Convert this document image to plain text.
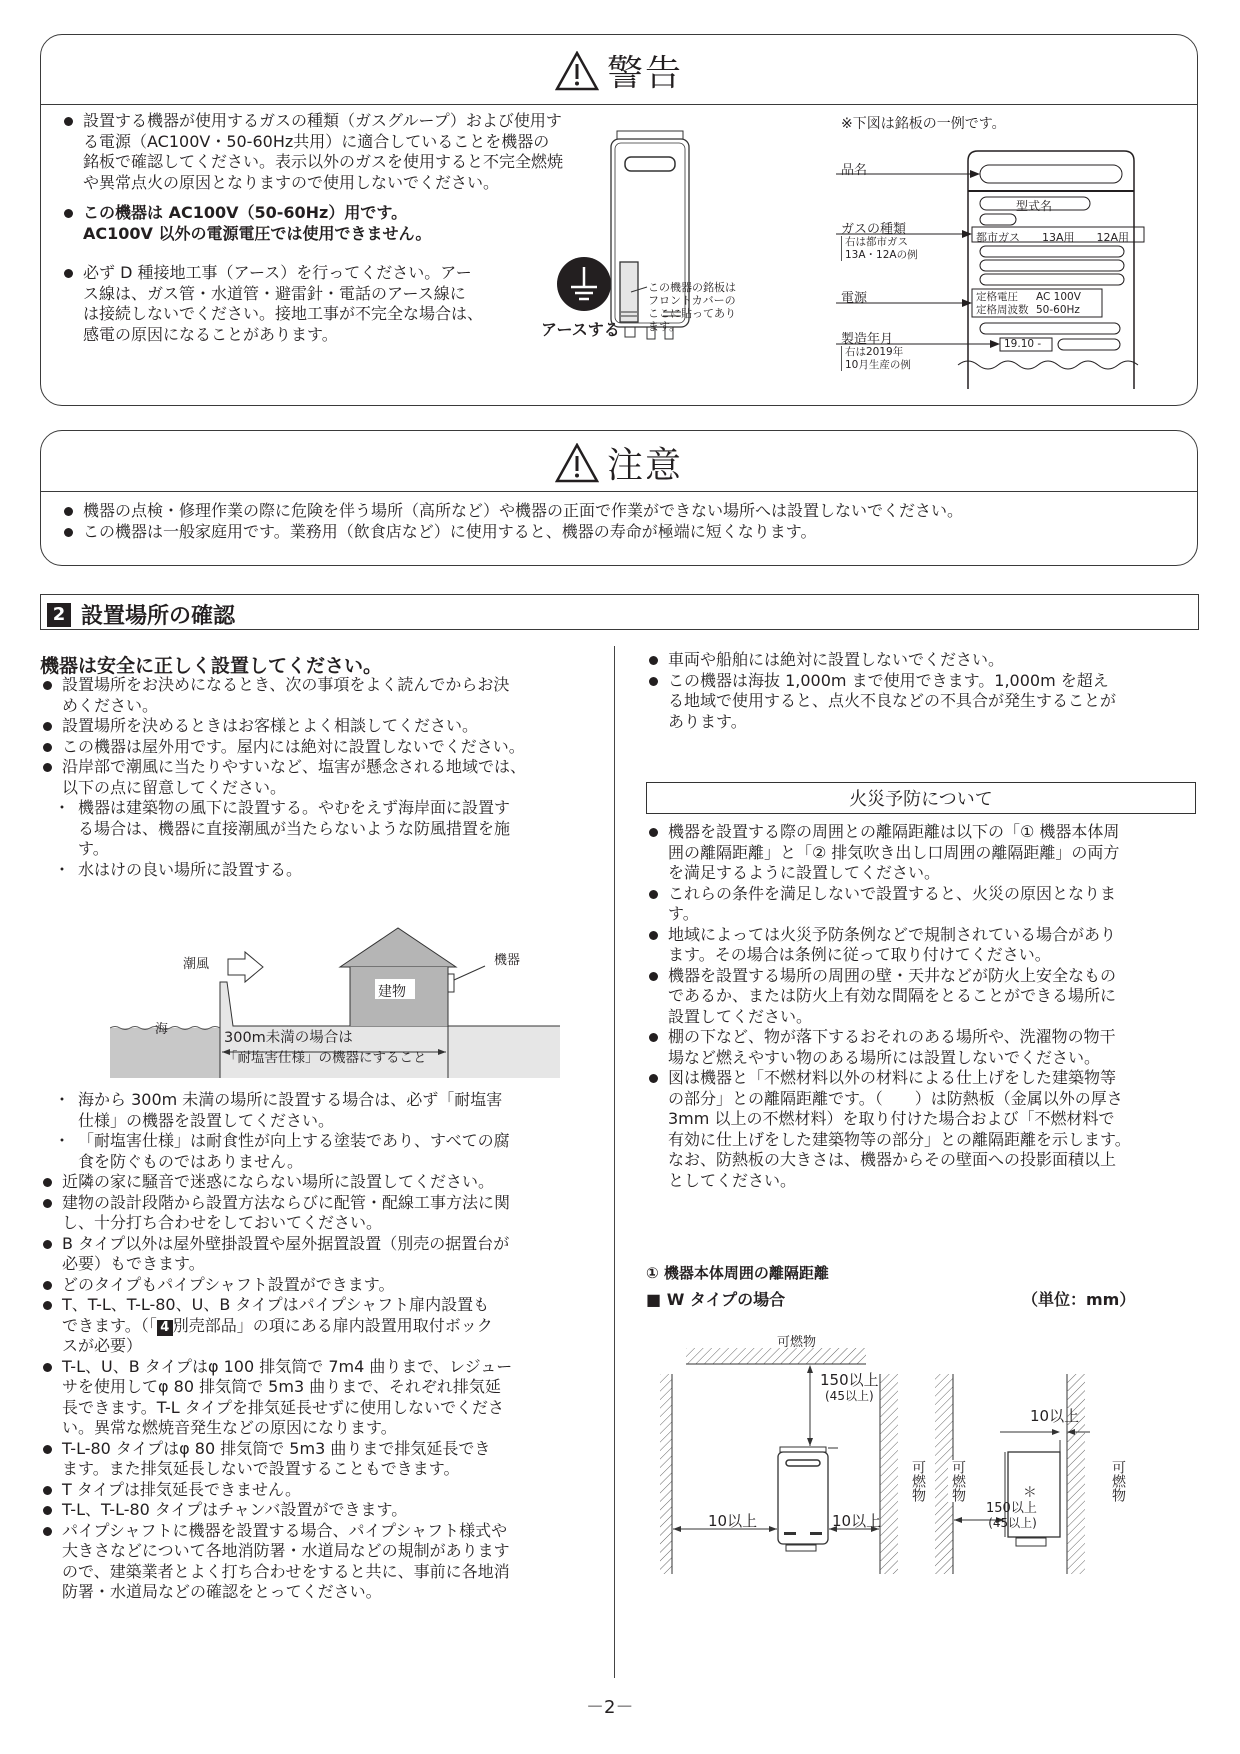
警告
設置する機器が使用するガスの種類（ガスグループ）および使用す
る電源（AC100V・50-60Hz共用）に適合していることを機器の
銘板で確認してください。表示以外のガスを使用すると不完全燃焼
や異常点火の原因となりますので使用しないでください。
この機器は AC100V（50-60Hz）用です。
AC100V 以外の電源電圧では使用できません。
必ず D 種接地工事（アース）を行ってください。アー
ス線は、ガス管・水道管・避雷針・電話のアース線に
は接続しないでください。接地工事が不完全な場合は、
感電の原因になることがあります。	アースする
この機器の銘板は
フロントカバーの
ここに貼ってあり
ます。
※下図は銘板の一例です。
品名
型式名
ガスの種類
右は都市ガス
13A・12Aの例
都市ガス 13A用 12A用
電源	定格電圧 AC 100V
定格周波数 50-60Hz
製造年月
右は2019年
10月生産の例
19.10 -
注意
機器の点検・修理作業の際に危険を伴う場所（高所など）や機器の正面で作業ができない場所へは設置しないでください。
この機器は一般家庭用です。業務用（飲食店など）に使用すると、機器の寿命が極端に短くなります。
2 設置場所の確認
機器は安全に正しく設置してください。
設置場所をお決めになるとき、次の事項をよく読んでからお決
めください。
設置場所を決めるときはお客様とよく相談してください。
この機器は屋外用です。屋内には絶対に設置しないでください。
沿岸部で潮風に当たりやすいなど、塩害が懸念される地域では、
以下の点に留意してください。
・ 機器は建築物の風下に設置する。やむをえず海岸面に設置す
る場合は、機器に直接潮風が当たらないような防風措置を施
す。
・ 水はけの良い場所に設置する。
潮風
海
建物
機器
300m未満の場合は
「耐塩害仕様」の機器にすること
・ 海から 300m 未満の場所に設置する場合は、必ず「耐塩害
仕様」の機器を設置してください。
・ 「耐塩害仕様」は耐食性が向上する塗装であり、すべての腐
食を防ぐものではありません。
近隣の家に騒音で迷惑にならない場所に設置してください。
建物の設計段階から設置方法ならびに配管・配線工事方法に関
し、十分打ち合わせをしておいてください。
B タイプ以外は屋外壁掛設置や屋外据置設置（別売の据置台が
必要）もできます。
どのタイプもパイプシャフト設置ができます。
T、T-L、T-L-80、U、B タイプはパイプシャフト扉内設置も
できます。（「 4 別売部品」の項にある扉内設置用取付ボック
スが必要）
T-L、U、B タイプはφ 100 排気筒で 7m4 曲りまで、レジュー
サを使用してφ 80 排気筒で 5m3 曲りまで、それぞれ排気延
長できます。T-L タイプを排気延長せずに使用しないでくださ
い。異常な燃焼音発生などの原因になります。
T-L-80 タイプはφ 80 排気筒で 5m3 曲りまで排気延長でき
ます。また排気延長しないで設置することもできます。
T タイプは排気延長できません。
T-L、T-L-80 タイプはチャンバ設置ができます。
パイプシャフトに機器を設置する場合、パイプシャフト様式や
大きさなどについて各地消防署・水道局などの規制があります
ので、建築業者とよく打ち合わせをすると共に、事前に各地消
防署・水道局などの確認をとってください。
車両や船舶には絶対に設置しないでください。
この機器は海抜 1,000m まで使用できます。1,000m を超え
る地域で使用すると、点火不良などの不具合が発生することが
あります。
火災予防について
機器を設置する際の周囲との離隔距離は以下の「① 機器本体周
囲の離隔距離」と「② 排気吹き出し口周囲の離隔距離」の両方
を満足するように設置してください。
これらの条件を満足しないで設置すると、火災の原因となりま
す。
地域によっては火災予防条例などで規制されている場合があり
ます。その場合は条例に従って取り付けてください。
機器を設置する場所の周囲の壁・天井などが防火上安全なもの
であるか、または防火上有効な間隔をとることができる場所に
設置してください。
棚の下など、物が落下するおそれのある場所や、洗濯物の物干
場など燃えやすい物のある場所には設置しないでください。
図は機器と「不燃材料以外の材料による仕上げをした建築物等
の部分」との離隔距離です。（　　）は防熱板（金属以外の厚さ
3mm 以上の不燃材料）を取り付けた場合および「不燃材料で
有効に仕上げをした建築物等の部分」との離隔距離を示します。
なお、防熱板の大きさは、機器からその壁面への投影面積以上
としてください。
① 機器本体周囲の離隔距離
■ W タイプの場合	（単位：mm）
可燃物
150以上
(45以上)
10以上	10以上
可燃物 可燃物	可燃物
10以上
＊
150以上
(45以上)
－2－
